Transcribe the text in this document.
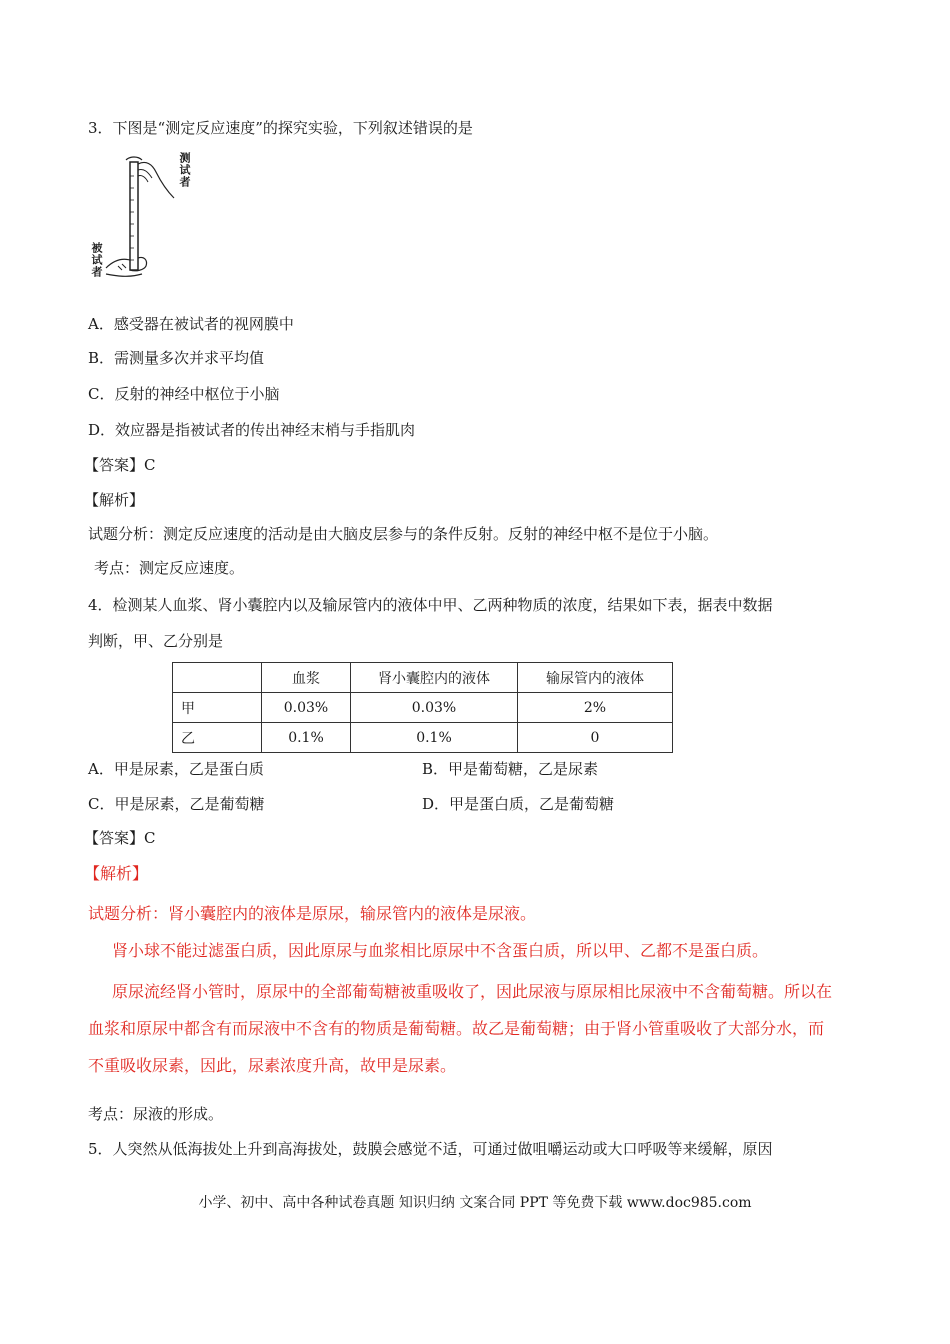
3．下图是“测定反应速度”的探究实验，下列叙述错误的是
测试者
被试者
A．感受器在被试者的视网膜中
B．需测量多次并求平均值
C．反射的神经中枢位于小脑
D．效应器是指被试者的传出神经末梢与手指肌肉
【答案】C
【解析】
试题分析：测定反应速度的活动是由大脑皮层参与的条件反射。反射的神经中枢不是位于小脑。
考点：测定反应速度。
4．检测某人血浆、肾小囊腔内以及输尿管内的液体中甲、乙两种物质的浓度，结果如下表，据表中数据
判断，甲、乙分别是
	血浆	肾小囊腔内的液体	输尿管内的液体
甲	0.03%	0.03%	2%
乙	0.1%	0.1%	0
A．甲是尿素，乙是蛋白质	B．甲是葡萄糖，乙是尿素
C．甲是尿素，乙是葡萄糖	D．甲是蛋白质，乙是葡萄糖
【答案】C
【解析】
试题分析：肾小囊腔内的液体是原尿，输尿管内的液体是尿液。
肾小球不能过滤蛋白质，因此原尿与血浆相比原尿中不含蛋白质，所以甲、乙都不是蛋白质。
原尿流经肾小管时，原尿中的全部葡萄糖被重吸收了，因此尿液与原尿相比尿液中不含葡萄糖。所以在
血浆和原尿中都含有而尿液中不含有的物质是葡萄糖。故乙是葡萄糖；由于肾小管重吸收了大部分水，而
不重吸收尿素，因此，尿素浓度升高，故甲是尿素。
考点：尿液的形成。
5．人突然从低海拔处上升到高海拔处，鼓膜会感觉不适，可通过做咀嚼运动或大口呼吸等来缓解，原因
小学、初中、高中各种试卷真题 知识归纳 文案合同 PPT 等免费下载 www.doc985.com
